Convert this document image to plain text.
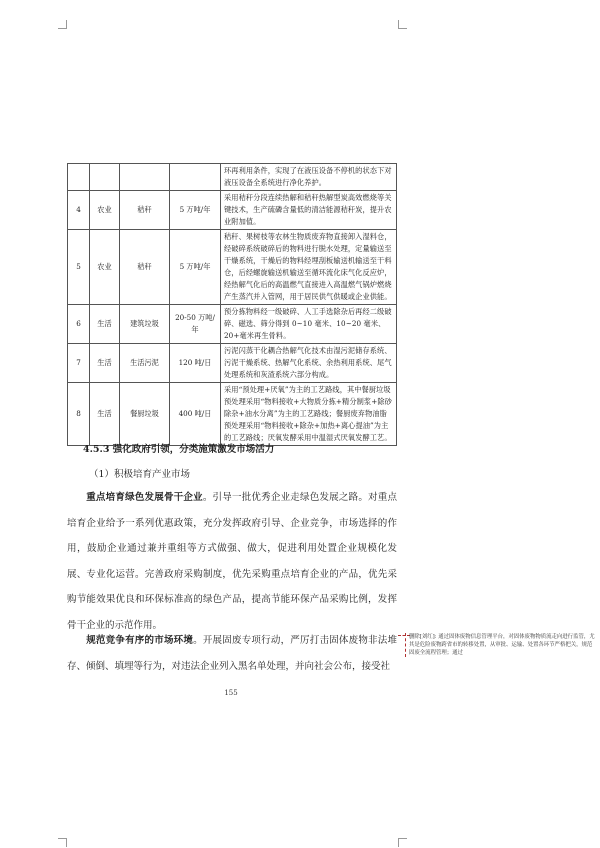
				环再利用条件，实现了在液压设备不停机的状态下对液压设备全系统进行净化养护。
4	农业	秸秆	5 万吨/年	采用秸秆分段连续热解和秸秆热解型炭高效燃烧等关键技术，生产硫磷含量低的清洁能源秸秆炭，提升农业附加值。
5	农业	秸秆	5 万吨/年	秸秆、果树枝等农林生物质废弃物直接卸入湿料仓，经破碎系统破碎后的物料进行脱水处理，定量输送至干燥系统，干燥后的物料经埋刮板输送机输送至干料仓，后经螺旋输送机输送至循环流化床气化反应炉，经热解气化后的高温燃气直接进入高温燃气锅炉燃烧产生蒸汽并入管网，用于居民供气供暖或企业供能。
6	生活	建筑垃圾	20-50 万吨/年	预分拣物料经一级破碎、人工手选除杂后再经二级破碎、磁选、筛分得到 0~10 毫米、10~20 毫米、20+毫米再生骨料。
7	生活	生活污泥	120 吨/日	污泥闪蒸干化耦合热解气化技术由湿污泥储存系统、污泥干燥系统、热解气化系统、余热利用系统、尾气处理系统和灰渣系统六部分构成。
8	生活	餐厨垃圾	400 吨/日	采用“预处理+厌氧”为主的工艺路线，其中餐厨垃圾预处理采用“物料接收+大物质分拣+精分制浆+除砂除杂+油水分离”为主的工艺路线；餐厨废弃物油脂预处理采用“物料接收+除杂+加热+离心提油”为主的工艺路线；厌氧发酵采用中温湿式厌氧发酵工艺。
4.5.3 强化政府引领，分类施策激发市场活力
（1）积极培育产业市场

重点培育绿色发展骨干企业。引导一批优秀企业走绿色发展之路。对重点培育企业给予一系列优惠政策，充分发挥政府引导、企业竞争，市场选择的作用，鼓励企业通过兼并重组等方式做强、做大，促进利用处置企业规模化发展、专业化运营。完善政府采购制度，优先采购重点培育企业的产品，优先采购节能效果优良和环保标准高的绿色产品，提高节能环保产品采购比例，发挥骨干企业的示范作用。

规范竞争有序的市场环境。开展固废专项行动，严厉打击固体废物非法堆存、倾倒、填埋等行为，对违法企业列入黑名单处理，并向社会公布，接受社

155
删除[刘红]: 通过固体废物信息管理平台，对固体废物物质流走向进行监管，尤其是危险废物跨省市的转移处置，从审批、运输、处置各环节严格把关，规范固废全流程管理；通过
